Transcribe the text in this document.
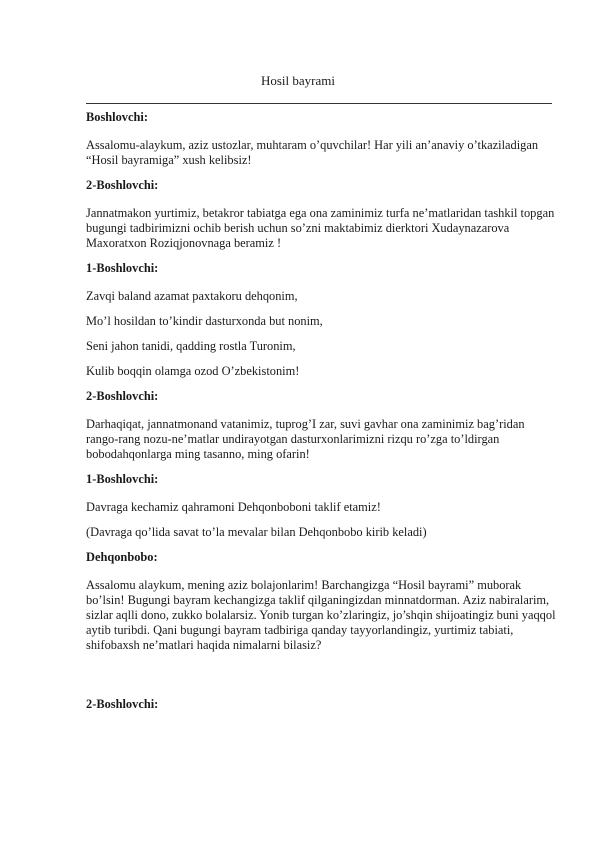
Hosil bayrami

Boshlovchi:

Assalomu-alaykum, aziz ustozlar, muhtaram o’quvchilar! Har yili an’anaviy o’tkaziladigan “Hosil bayramiga” xush kelibsiz!

2-Boshlovchi:

Jannatmakon yurtimiz, betakror tabiatga ega ona zaminimiz turfa ne’matlaridan tashkil topgan bugungi tadbirimizni ochib berish uchun so’zni maktabimiz dierktori Xudaynazarova Maxoratxon Roziqjonovnaga beramiz !

1-Boshlovchi:

Zavqi baland azamat paxtakoru dehqonim,

Mo’l hosildan to’kindir dasturxonda but nonim,

Seni jahon tanidi, qadding rostla Turonim,

Kulib boqqin olamga ozod O’zbekistonim!

2-Boshlovchi:

Darhaqiqat, jannatmonand vatanimiz, tuprog’I zar, suvi gavhar ona zaminimiz bag’ridan rango-rang nozu-ne’matlar undirayotgan dasturxonlarimizni rizqu ro’zga to’ldirgan bobodahqonlarga ming tasanno, ming ofarin!

1-Boshlovchi:

Davraga kechamiz qahramoni Dehqonboboni taklif etamiz!

(Davraga qo’lida savat to’la mevalar bilan Dehqonbobo kirib keladi)

Dehqonbobo:

Assalomu alaykum, mening aziz bolajonlarim! Barchangizga “Hosil bayrami” muborak bo’lsin! Bugungi bayram kechangizga taklif qilganingizdan minnatdorman. Aziz nabiralarim, sizlar aqlli dono, zukko bolalarsiz. Yonib turgan ko’zlaringiz, jo’shqin shijoatingiz buni yaqqol aytib turibdi. Qani bugungi bayram tadbiriga qanday tayyorlandingiz, yurtimiz tabiati, shifobaxsh ne’matlari haqida nimalarni bilasiz?

2-Boshlovchi:
